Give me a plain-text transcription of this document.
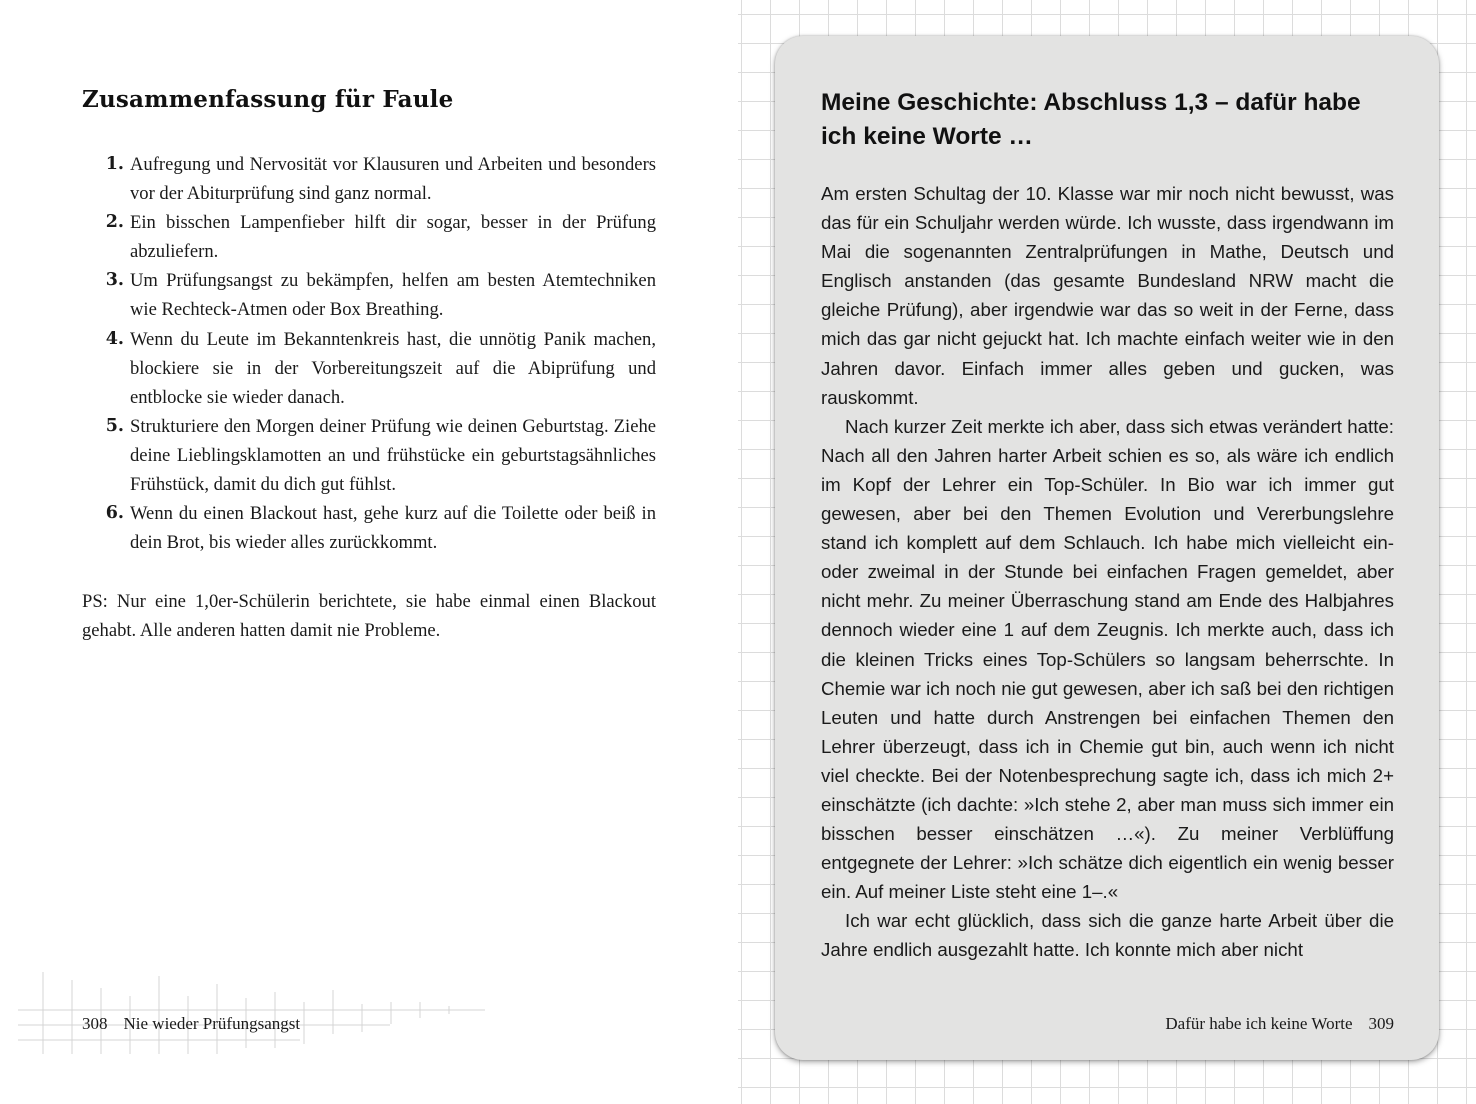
Zusammenfassung für Faule
1. Aufregung und Nervosität vor Klausuren und Arbeiten und besonders vor der Abiturprüfung sind ganz normal.
2. Ein bisschen Lampenfieber hilft dir sogar, besser in der Prüfung abzuliefern.
3. Um Prüfungsangst zu bekämpfen, helfen am besten Atemtechniken wie Rechteck-Atmen oder Box Breathing.
4. Wenn du Leute im Bekanntenkreis hast, die unnötig Panik machen, blockiere sie in der Vorbereitungszeit auf die Abiprüfung und entblocke sie wieder danach.
5. Strukturiere den Morgen deiner Prüfung wie deinen Geburtstag. Ziehe deine Lieblingsklamotten an und frühstücke ein geburtstagsähnliches Frühstück, damit du dich gut fühlst.
6. Wenn du einen Blackout hast, gehe kurz auf die Toilette oder beiß in dein Brot, bis wieder alles zurückkommt.

PS: Nur eine 1,0er-Schülerin berichtete, sie habe einmal einen Blackout gehabt. Alle anderen hatten damit nie Probleme.

308 Nie wieder Prüfungsangst
Meine Geschichte: Abschluss 1,3 – dafür habe ich keine Worte …

Am ersten Schultag der 10. Klasse war mir noch nicht bewusst, was das für ein Schuljahr werden würde. Ich wusste, dass irgendwann im Mai die sogenannten Zentralprüfungen in Mathe, Deutsch und Englisch anstanden (das gesamte Bundesland NRW macht die gleiche Prüfung), aber irgendwie war das so weit in der Ferne, dass mich das gar nicht gejuckt hat. Ich machte einfach weiter wie in den Jahren davor. Einfach immer alles geben und gucken, was rauskommt.

Nach kurzer Zeit merkte ich aber, dass sich etwas verändert hatte: Nach all den Jahren harter Arbeit schien es so, als wäre ich endlich im Kopf der Lehrer ein Top-Schüler. In Bio war ich immer gut gewesen, aber bei den Themen Evolution und Vererbungslehre stand ich komplett auf dem Schlauch. Ich habe mich vielleicht ein- oder zweimal in der Stunde bei einfachen Fragen gemeldet, aber nicht mehr. Zu meiner Überraschung stand am Ende des Halbjahres dennoch wieder eine 1 auf dem Zeugnis. Ich merkte auch, dass ich die kleinen Tricks eines Top-Schülers so langsam beherrschte. In Chemie war ich noch nie gut gewesen, aber ich saß bei den richtigen Leuten und hatte durch Anstrengen bei einfachen Themen den Lehrer überzeugt, dass ich in Chemie gut bin, auch wenn ich nicht viel checkte. Bei der Notenbesprechung sagte ich, dass ich mich 2+ einschätzte (ich dachte: »Ich stehe 2, aber man muss sich immer ein bisschen besser einschätzen …«). Zu meiner Verblüffung entgegnete der Lehrer: »Ich schätze dich eigentlich ein wenig besser ein. Auf meiner Liste steht eine 1–.«

Ich war echt glücklich, dass sich die ganze harte Arbeit über die Jahre endlich ausgezahlt hatte. Ich konnte mich aber nicht

Dafür habe ich keine Worte 309
